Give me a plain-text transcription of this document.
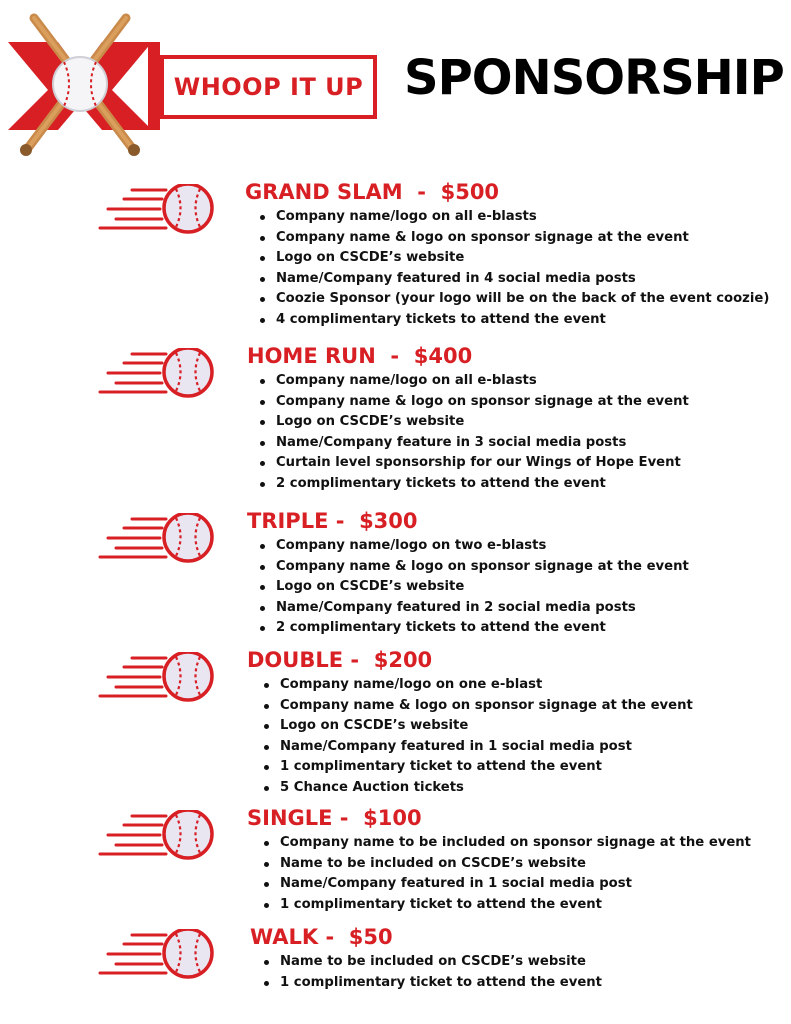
WHOOP IT UP SPONSORSHIP
GRAND SLAM  -  $500
Company name/logo on all e-blasts
Company name & logo on sponsor signage at the event
Logo on CSCDE’s website
Name/Company featured in 4 social media posts
Coozie Sponsor (your logo will be on the back of the event coozie)
4 complimentary tickets to attend the event
HOME RUN  -  $400
Company name/logo on all e-blasts
Company name & logo on sponsor signage at the event
Logo on CSCDE’s website
Name/Company feature in 3 social media posts
Curtain level sponsorship for our Wings of Hope Event
2 complimentary tickets to attend the event
TRIPLE -  $300
Company name/logo on two e-blasts
Company name & logo on sponsor signage at the event
Logo on CSCDE’s website
Name/Company featured in 2 social media posts
2 complimentary tickets to attend the event
DOUBLE -  $200
Company name/logo on one e-blast
Company name & logo on sponsor signage at the event
Logo on CSCDE’s website
Name/Company featured in 1 social media post
1 complimentary ticket to attend the event
5 Chance Auction tickets
SINGLE -  $100
Company name to be included on sponsor signage at the event
Name to be included on CSCDE’s website
Name/Company featured in 1 social media post
1 complimentary ticket to attend the event
WALK -  $50
Name to be included on CSCDE’s website
1 complimentary ticket to attend the event
